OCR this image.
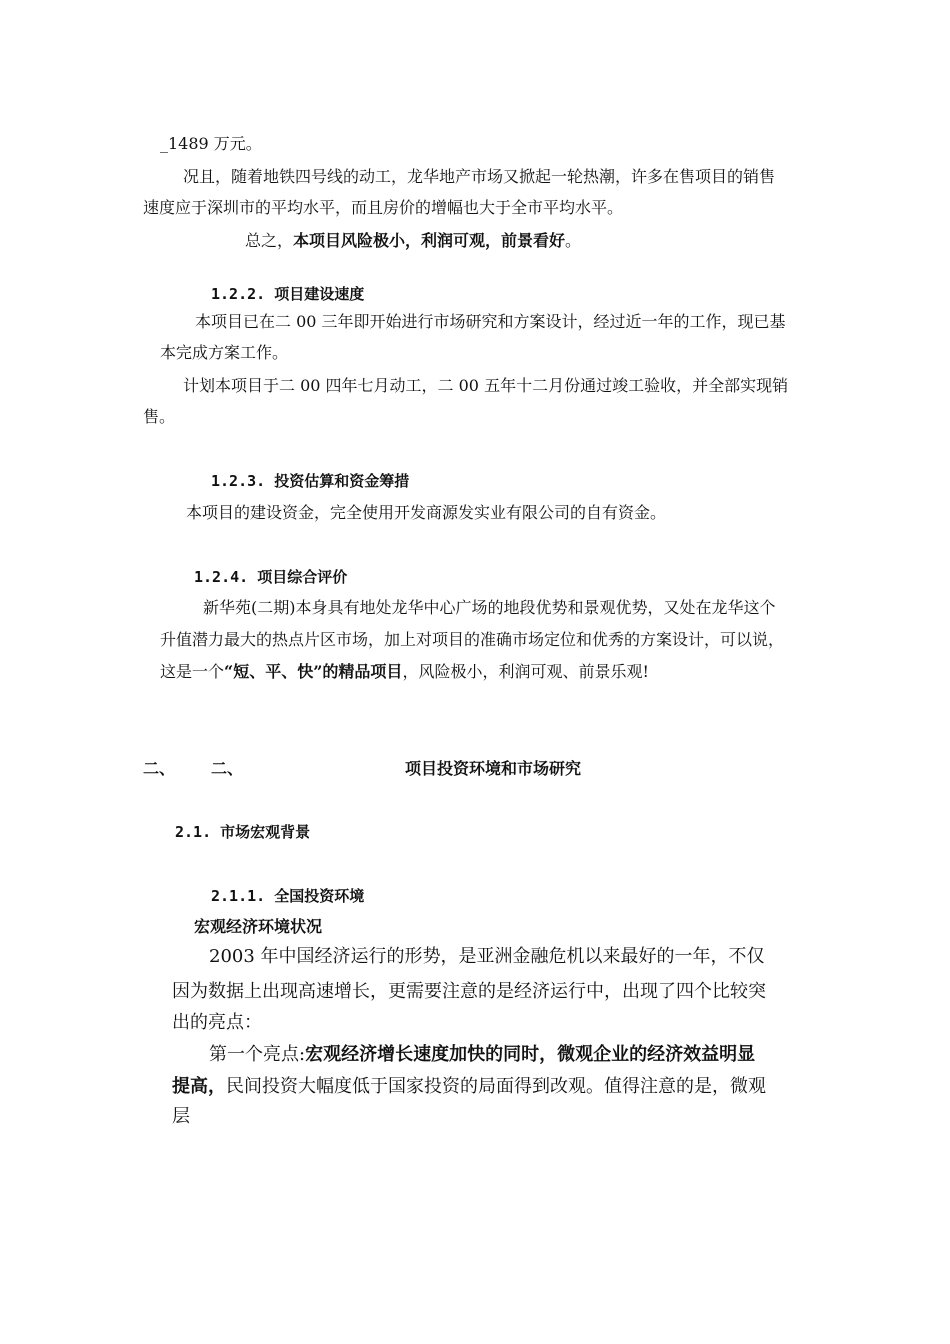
_1489 万元。
况且，随着地铁四号线的动工，龙华地产市场又掀起一轮热潮，许多在售项目的销售
速度应于深圳市的平均水平，而且房价的增幅也大于全市平均水平。
总之，本项目风险极小，利润可观，前景看好。
1.2.2. 项目建设速度
本项目已在二 00 三年即开始进行市场研究和方案设计，经过近一年的工作，现已基
本完成方案工作。
计划本项目于二 00 四年七月动工，二 00 五年十二月份通过竣工验收，并全部实现销
售。
1.2.3. 投资估算和资金筹措
本项目的建设资金，完全使用开发商源发实业有限公司的自有资金。
1.2.4. 项目综合评价
新华苑(二期)本身具有地处龙华中心广场的地段优势和景观优势，又处在龙华这个
升值潜力最大的热点片区市场，加上对项目的准确市场定位和优秀的方案设计，可以说，
这是一个“短、平、快”的精品项目，风险极小，利润可观、前景乐观!
二、 二、	项目投资环境和市场研究
2.1. 市场宏观背景
2.1.1. 全国投资环境
宏观经济环境状况
2003 年中国经济运行的形势，是亚洲金融危机以来最好的一年，不仅
因为数据上出现高速增长，更需要注意的是经济运行中，出现了四个比较突
出的亮点：
第一个亮点:宏观经济增长速度加快的同时，微观企业的经济效益明显
提高，民间投资大幅度低于国家投资的局面得到改观。值得注意的是，微观
层
